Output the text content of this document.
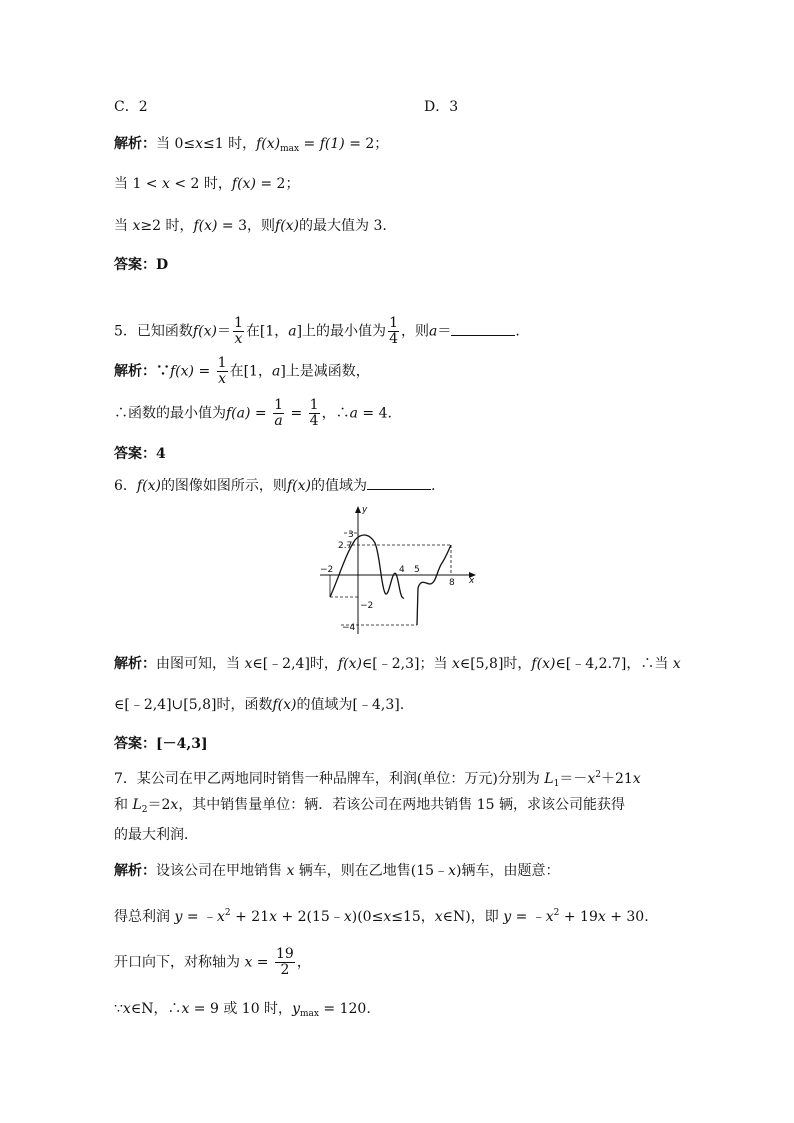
C．2	D．3
解析：当 0≤x≤1 时，$f(x)_{max} = f(1) = 2$；
当 1 < x < 2 时，f(x) = 2；
当 x≥2 时，f(x) = 3，则f(x)的最大值为 3.
答案：D
5．已知函数$f(x)= \frac{1}{x}$ 在[1，a]上的最小值为 $\frac{1}{4}$ ，则a＝	.
解析：∵f(x) = $\frac{1}{x}$ 在[1，a]上是减函数，
∴函数的最小值为$f(a) = \frac{1}{a} = \frac{1}{4}$ ，∴a = 4.
答案：4
6．f(x)的图像如图所示，则f(x)的值域为	.
y
x
3
2.7
−2	4 5
8
−2
−4
解析：由图可知，当 x∈[﹣2,4]时，f(x)∈[﹣2,3]；当 x∈[5,8]时，f(x)∈[﹣4,2.7]，∴当 x
∈[﹣2,4]∪[5,8]时，函数f(x)的值域为[﹣4,3].
答案：[－4,3]
7．某公司在甲乙两地同时销售一种品牌车，利润(单位：万元)分别为 $L_1=-x^2+21x$
和 $L_2=2x$，其中销售量单位：辆．若该公司在两地共销售 15 辆，求该公司能获得
的最大利润．
解析：设该公司在甲地销售 x 辆车，则在乙地售(15﹣x)辆车，由题意：
得总利润 $y = ﹣x^2 + 21x$ + 2(15﹣x)(0≤x≤15，x∈N)，即 $y = ﹣x^2 + 19x + 30$.
开口向下，对称轴为 $x = \frac{19}{2}$ ，
∵x∈N，∴x = 9 或 10 时，$y_{max} = 120$.
